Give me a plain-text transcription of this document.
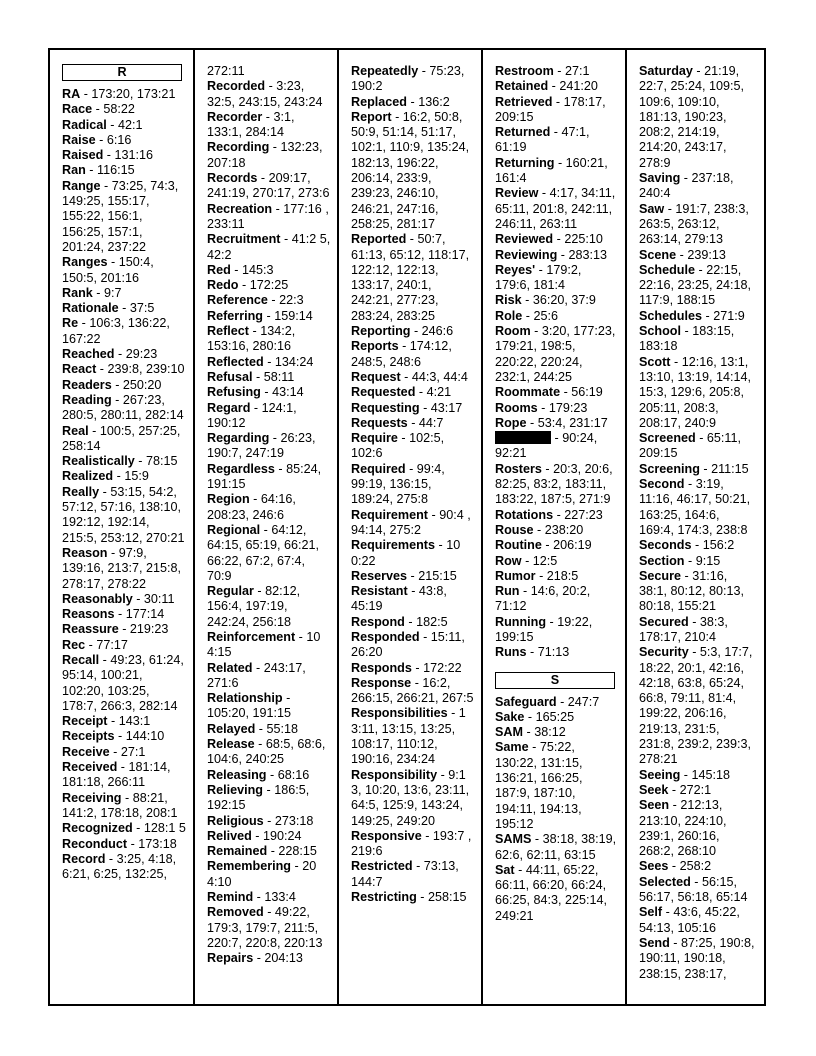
R
RA - 173:20, 173:21
Race - 58:22
Radical - 42:1
Raise - 6:16
Raised - 131:16
Ran - 116:15
Range - 73:25, 74:3, 149:25, 155:17, 155:22, 156:1, 156:25, 157:1, 201:24, 237:22
Ranges - 150:4, 150:5, 201:16
Rank - 9:7
Rationale - 37:5
Re - 106:3, 136:22, 167:22
Reached - 29:23
React - 239:8, 239:10
Readers - 250:20
Reading - 267:23, 280:5, 280:11, 282:14
Real - 100:5, 257:25, 258:14
Realistically - 78:15
Realized - 15:9
Really - 53:15, 54:2, 57:12, 57:16, 138:10, 192:12, 192:14, 215:5, 253:12, 270:21
Reason - 97:9, 139:16, 213:7, 215:8, 278:17, 278:22
Reasonably - 30:11
Reasons - 177:14
Reassure - 219:23
Rec - 77:17
Recall - 49:23, 61:24, 95:14, 100:21, 102:20, 103:25, 178:7, 266:3, 282:14
Receipt - 143:1
Receipts - 144:10
Receive - 27:1
Received - 181:14, 181:18, 266:11
Receiving - 88:21, 141:2, 178:18, 208:1
Recognized - 128:1 5
Reconduct - 173:18
Record - 3:25, 4:18, 6:21, 6:25, 132:25,
272:11
Recorded - 3:23, 32:5, 243:15, 243:24
Recorder - 3:1, 133:1, 284:14
Recording - 132:23, 207:18
Records - 209:17, 241:19, 270:17, 273:6
Recreation - 177:16 , 233:11
Recruitment - 41:2 5, 42:2
Red - 145:3
Redo - 172:25
Reference - 22:3
Referring - 159:14
Reflect - 134:2, 153:16, 280:16
Reflected - 134:24
Refusal - 58:11
Refusing - 43:14
Regard - 124:1, 190:12
Regarding - 26:23, 190:7, 247:19
Regardless - 85:24, 191:15
Region - 64:16, 208:23, 246:6
Regional - 64:12, 64:15, 65:19, 66:21, 66:22, 67:2, 67:4, 70:9
Regular - 82:12, 156:4, 197:19, 242:24, 256:18
Reinforcement - 10 4:15
Related - 243:17, 271:6
Relationship - 105:20, 191:15
Relayed - 55:18
Release - 68:5, 68:6, 104:6, 240:25
Releasing - 68:16
Relieving - 186:5, 192:15
Religious - 273:18
Relived - 190:24
Remained - 228:15
Remembering - 20 4:10
Remind - 133:4
Removed - 49:22, 179:3, 179:7, 211:5, 220:7, 220:8, 220:13
Repairs - 204:13
Repeatedly - 75:23, 190:2
Replaced - 136:2
Report - 16:2, 50:8, 50:9, 51:14, 51:17, 102:1, 110:9, 135:24, 182:13, 196:22, 206:14, 233:9, 239:23, 246:10, 246:21, 247:16, 258:25, 281:17
Reported - 50:7, 61:13, 65:12, 118:17, 122:12, 122:13, 133:17, 240:1, 242:21, 277:23, 283:24, 283:25
Reporting - 246:6
Reports - 174:12, 248:5, 248:6
Request - 44:3, 44:4
Requested - 4:21
Requesting - 43:17
Requests - 44:7
Require - 102:5, 102:6
Required - 99:4, 99:19, 136:15, 189:24, 275:8
Requirement - 90:4 , 94:14, 275:2
Requirements - 10 0:22
Reserves - 215:15
Resistant - 43:8, 45:19
Respond - 182:5
Responded - 15:11, 26:20
Responds - 172:22
Response - 16:2, 266:15, 266:21, 267:5
Responsibilities - 1 3:11, 13:15, 13:25, 108:17, 110:12, 190:16, 234:24
Responsibility - 9:1 3, 10:20, 13:6, 23:11, 64:5, 125:9, 143:24, 149:25, 249:20
Responsive - 193:7 , 219:6
Restricted - 73:13, 144:7
Restricting - 258:15
Restroom - 27:1
Retained - 241:20
Retrieved - 178:17, 209:15
Returned - 47:1, 61:19
Returning - 160:21, 161:4
Review - 4:17, 34:11, 65:11, 201:8, 242:11, 246:11, 263:11
Reviewed - 225:10
Reviewing - 283:13
Reyes' - 179:2, 179:6, 181:4
Risk - 36:20, 37:9
Role - 25:6
Room - 3:20, 177:23, 179:21, 198:5, 220:22, 220:24, 232:1, 244:25
Roommate - 56:19
Rooms - 179:23
Rope - 53:4, 231:17
- 90:24, 92:21
Rosters - 20:3, 20:6, 82:25, 83:2, 183:11, 183:22, 187:5, 271:9
Rotations - 227:23
Rouse - 238:20
Routine - 206:19
Row - 12:5
Rumor - 218:5
Run - 14:6, 20:2, 71:12
Running - 19:22, 199:15
Runs - 71:13
S
Safeguard - 247:7
Sake - 165:25
SAM - 38:12
Same - 75:22, 130:22, 131:15, 136:21, 166:25, 187:9, 187:10, 194:11, 194:13, 195:12
SAMS - 38:18, 38:19, 62:6, 62:11, 63:15
Sat - 44:11, 65:22, 66:11, 66:20, 66:24, 66:25, 84:3, 225:14, 249:21
Saturday - 21:19, 22:7, 25:24, 109:5, 109:6, 109:10, 181:13, 190:23, 208:2, 214:19, 214:20, 243:17, 278:9
Saving - 237:18, 240:4
Saw - 191:7, 238:3, 263:5, 263:12, 263:14, 279:13
Scene - 239:13
Schedule - 22:15, 22:16, 23:25, 24:18, 117:9, 188:15
Schedules - 271:9
School - 183:15, 183:18
Scott - 12:16, 13:1, 13:10, 13:19, 14:14, 15:3, 129:6, 205:8, 205:11, 208:3, 208:17, 240:9
Screened - 65:11, 209:15
Screening - 211:15
Second - 3:19, 11:16, 46:17, 50:21, 163:25, 164:6, 169:4, 174:3, 238:8
Seconds - 156:2
Section - 9:15
Secure - 31:16, 38:1, 80:12, 80:13, 80:18, 155:21
Secured - 38:3, 178:17, 210:4
Security - 5:3, 17:7, 18:22, 20:1, 42:16, 42:18, 63:8, 65:24, 66:8, 79:11, 81:4, 199:22, 206:16, 219:13, 231:5, 231:8, 239:2, 239:3, 278:21
Seeing - 145:18
Seek - 272:1
Seen - 212:13, 213:10, 224:10, 239:1, 260:16, 268:2, 268:10
Sees - 258:2
Selected - 56:15, 56:17, 56:18, 65:14
Self - 43:6, 45:22, 54:13, 105:16
Send - 87:25, 190:8, 190:11, 190:18, 238:15, 238:17,
